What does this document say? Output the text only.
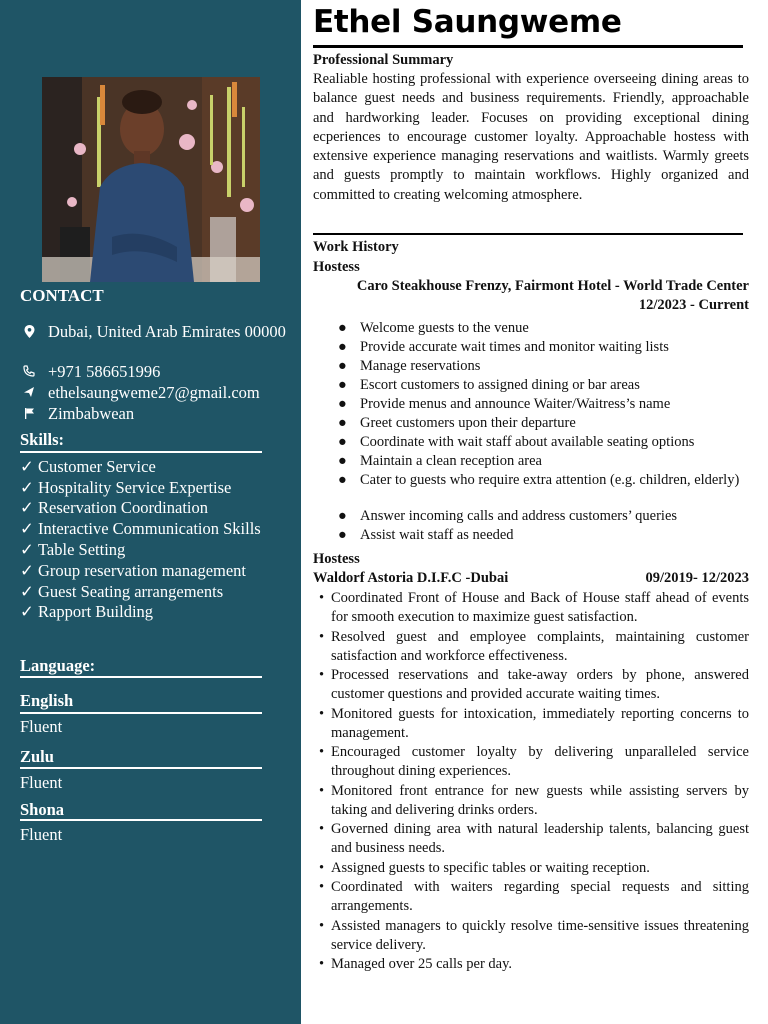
CONTACT
Dubai, United Arab Emirates 00000
+971 586651996
ethelsaungweme27@gmail.com
Zimbabwean
Skills:
✓ Customer Service
✓ Hospitality Service Expertise
✓ Reservation Coordination
✓ Interactive Communication Skills
✓ Table Setting
✓ Group reservation management
✓ Guest Seating arrangements
✓ Rapport Building
Language:
English
Fluent
Zulu
Fluent
Shona
Fluent
Ethel Saungweme
Professional Summary
Realiable hosting professional with experience overseeing dining areas to balance guest needs and business requirements. Friendly, approachable and hardworking leader. Focuses on providing exceptional dining ecperiences to encourage customer loyalty. Approachable hostess with extensive experience managing reservations and waitlists. Warmly greets and guests promptly to maintain workflows. Highly organized and committed to creating welcoming atmosphere.
Work History
Hostess
Caro Steakhouse Frenzy, Fairmont Hotel - World Trade Center
12/2023 - Current
● Welcome guests to the venue
● Provide accurate wait times and monitor waiting lists
● Manage reservations
● Escort customers to assigned dining or bar areas
● Provide menus and announce Waiter/Waitress’s name
● Greet customers upon their departure
● Coordinate with wait staff about available seating options
● Maintain a clean reception area
● Cater to guests who require extra attention (e.g. children, elderly)
● Answer incoming calls and address customers’ queries
● Assist wait staff as needed
Hostess
Waldorf Astoria D.I.F.C -Dubai	09/2019- 12/2023
• Coordinated Front of House and Back of House staff ahead of events for smooth execution to maximize guest satisfaction.
• Resolved guest and employee complaints, maintaining customer satisfaction and workforce effectiveness.
• Processed reservations and take-away orders by phone, answered customer questions and provided accurate waiting times.
• Monitored guests for intoxication, immediately reporting concerns to management.
• Encouraged customer loyalty by delivering unparalleled service throughout dining experiences.
• Monitored front entrance for new guests while assisting servers by taking and delivering drinks orders.
• Governed dining area with natural leadership talents, balancing guest and business needs.
• Assigned guests to specific tables or waiting reception.
• Coordinated with waiters regarding special requests and sitting arrangements.
• Assisted managers to quickly resolve time-sensitive issues threatening service delivery.
• Managed over 25 calls per day.
